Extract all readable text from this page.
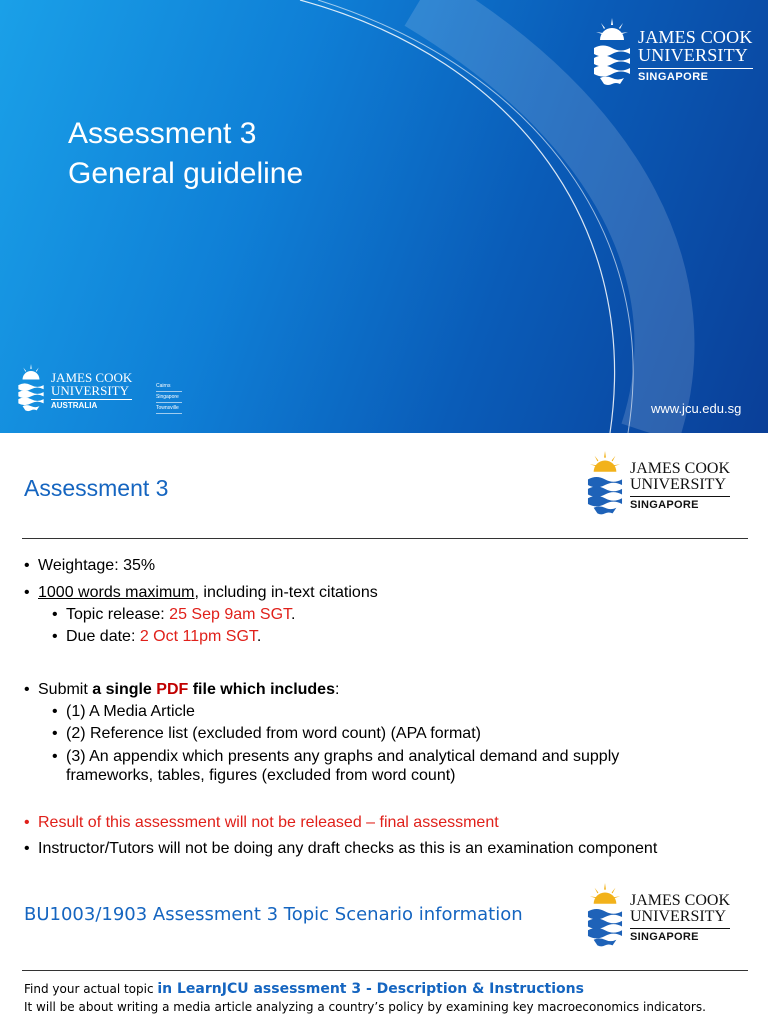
Assessment 3
General guideline
JAMES COOK
UNIVERSITY
SINGAPORE
JAMES COOK
UNIVERSITY
AUSTRALIA
Cairns
Singapore
Townsville	www.jcu.edu.sg
Assessment 3
JAMES COOK
UNIVERSITY
SINGAPORE
• Weightage: 35%
• 1000 words maximum, including in-text citations
• Topic release: 25 Sep 9am SGT.
• Due date: 2 Oct 11pm SGT.
• Submit a single PDF file which includes:
• (1) A Media Article
• (2) Reference list (excluded from word count) (APA format)
• (3) An appendix which presents any graphs and analytical demand and supply frameworks, tables, figures (excluded from word count)
• Result of this assessment will not be released – final assessment
• Instructor/Tutors will not be doing any draft checks as this is an examination component
BU1003/1903 Assessment 3 Topic Scenario information
JAMES COOK
UNIVERSITY
SINGAPORE
Find your actual topic in LearnJCU assessment 3 - Description & Instructions
It will be about writing a media article analyzing a country’s policy by examining key macroeconomics indicators.
